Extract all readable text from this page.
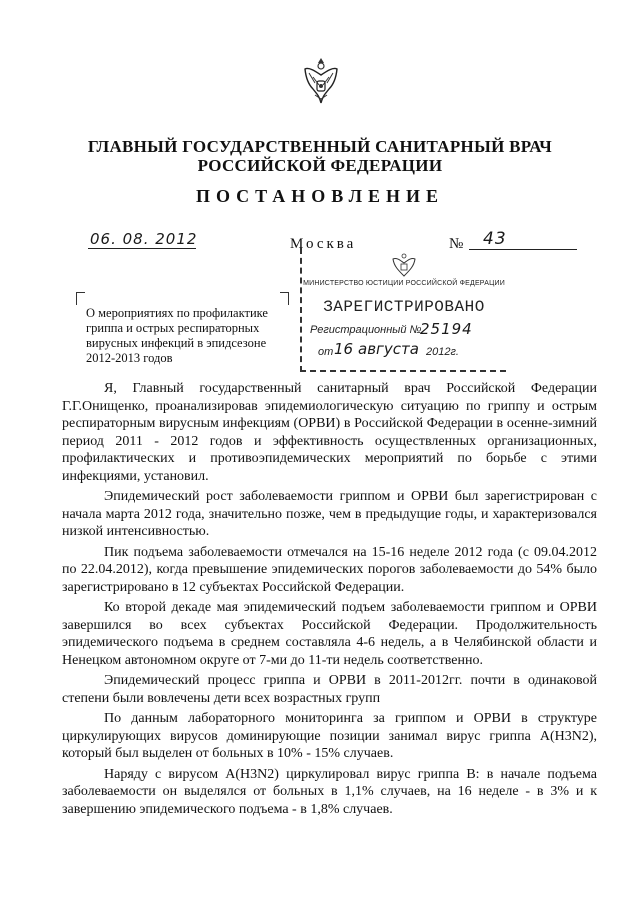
ГЛАВНЫЙ ГОСУДАРСТВЕННЫЙ САНИТАРНЫЙ ВРАЧ
РОССИЙСКОЙ ФЕДЕРАЦИИ
ПОСТАНОВЛЕНИЕ
06. 08. 2012	Москва	№ 43
МИНИСТЕРСТВО ЮСТИЦИИ РОССИЙСКОЙ ФЕДЕРАЦИИ
ЗАРЕГИСТРИРОВАНО
Регистрационный №
25194
от 16 августа 2012г.
О мероприятиях по профилактике
гриппа и острых респираторных
вирусных инфекций в эпидсезоне
2012-2013 годов

Я, Главный государственный санитарный врач Российской Федерации Г.Г.Онищенко, проанализировав эпидемиологическую ситуацию по гриппу и острым респираторным вирусным инфекциям (ОРВИ) в Российской Федерации в осенне-зимний период 2011 - 2012 годов и эффективность осуществленных организационных, профилактических и противоэпидемических мероприятий по борьбе с этими инфекциями, установил.

Эпидемический рост заболеваемости гриппом и ОРВИ был зарегистрирован с начала марта 2012 года, значительно позже, чем в предыдущие годы, и характеризовался низкой интенсивностью.

Пик подъема заболеваемости отмечался на 15-16 неделе 2012 года (с 09.04.2012 по 22.04.2012), когда превышение эпидемических порогов заболеваемости до 54% было зарегистрировано в 12 субъектах Российской Федерации.

Ко второй декаде мая эпидемический подъем заболеваемости гриппом и ОРВИ завершился во всех субъектах Российской Федерации. Продолжительность эпидемического подъема в среднем составляла 4-6 недель, а в Челябинской области и Ненецком автономном округе от 7-ми до 11-ти недель соответственно.

Эпидемический процесс гриппа и ОРВИ в 2011-2012гг. почти в одинаковой степени были вовлечены дети всех возрастных групп

По данным лабораторного мониторинга за гриппом и ОРВИ в структуре циркулирующих вирусов доминирующие позиции занимал вирус гриппа А(H3N2), который был выделен от больных в 10% - 15% случаев.

Наряду с вирусом A(H3N2) циркулировал вирус гриппа В: в начале подъема заболеваемости он выделялся от больных в 1,1% случаев, на 16 неделе - в 3% и к завершению эпидемического подъема - в 1,8% случаев.
